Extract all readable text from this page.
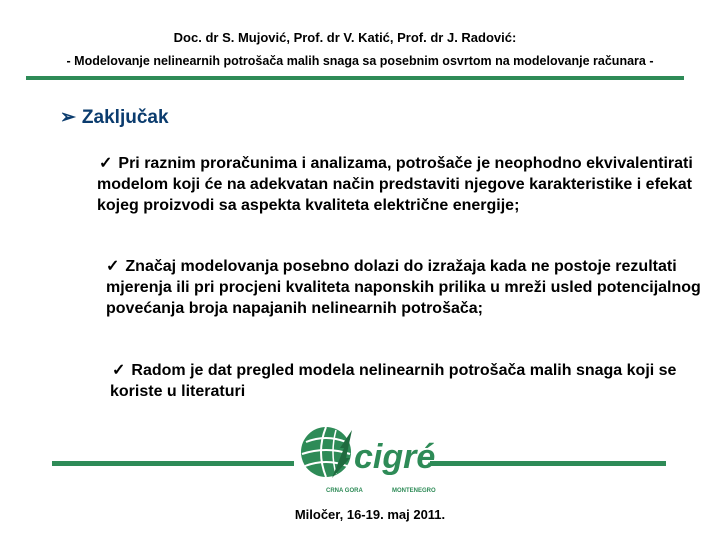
Doc. dr S. Mujović, Prof. dr V. Katić, Prof. dr J. Radović:
- Modelovanje nelinearnih potrošača malih snaga sa posebnim osvrtom na modelovanje računara -
➢ Zaključak
✓ Pri raznim proračunima i analizama, potrošače je neophodno ekvivalentirati modelom koji će na adekvatan način predstaviti njegove karakteristike i efekat kojeg proizvodi sa aspekta kvaliteta električne energije;
✓ Značaj modelovanja posebno dolazi do izražaja kada ne postoje rezultati mjerenja ili pri procjeni kvaliteta naponskih prilika u mreži usled potencijalnog povećanja broja napajanih nelinearnih potrošača;
✓ Radom je dat pregled modela nelinearnih potrošača malih snaga koji se koriste u literaturi
cigré
CRNA GORA	MONTENEGRO
Miločer, 16-19. maj 2011.
